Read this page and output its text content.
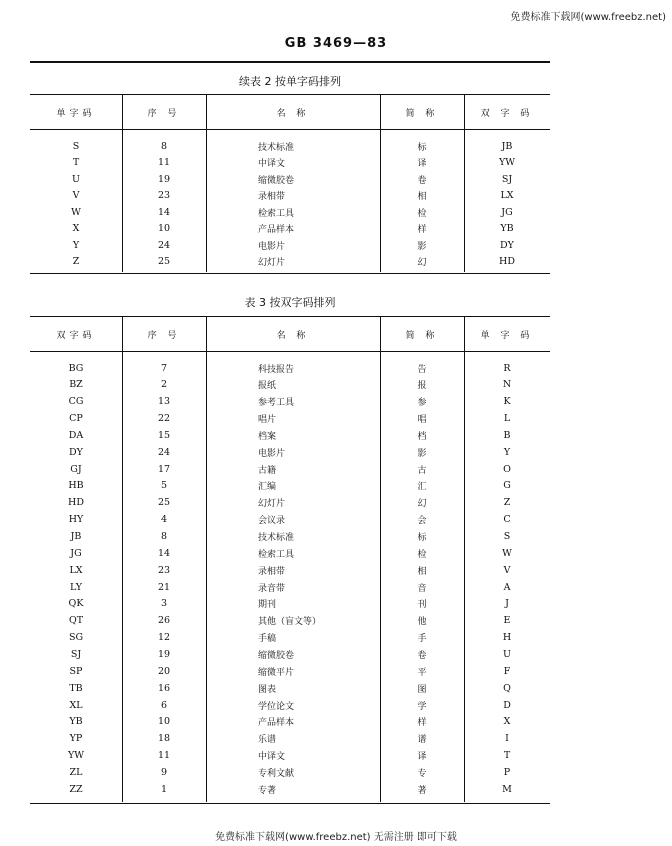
免费标准下载网(www.freebz.net)
GB 3469—83
续表 2 按单字码排列
单字码	序 号	名 称	简 称	双 字 码
S	8	技术标准	标	JB
T	11	中译文	译	YW
U	19	缩微胶卷	卷	SJ
V	23	录相带	相	LX
W	14	检索工具	检	JG
X	10	产品样本	样	YB
Y	24	电影片	影	DY
Z	25	幻灯片	幻	HD
表 3 按双字码排列
双字码	序 号	名 称	简 称	单 字 码
BG	7	科技报告	告	R
BZ	2	报纸	报	N
CG	13	参考工具	参	K
CP	22	唱片	唱	L
DA	15	档案	档	B
DY	24	电影片	影	Y
GJ	17	古籍	古	O
HB	5	汇编	汇	G
HD	25	幻灯片	幻	Z
HY	4	会议录	会	C
JB	8	技术标准	标	S
JG	14	检索工具	检	W
LX	23	录相带	相	V
LY	21	录音带	音	A
QK	3	期刊	刊	J
QT	26	其他（盲文等）	他	E
SG	12	手稿	手	H
SJ	19	缩微胶卷	卷	U
SP	20	缩微平片	平	F
TB	16	图表	图	Q
XL	6	学位论文	学	D
YB	10	产品样本	样	X
YP	18	乐谱	谱	I
YW	11	中译文	译	T
ZL	9	专利文献	专	P
ZZ	1	专著	著	M
免费标准下载网(www.freebz.net) 无需注册 即可下载
